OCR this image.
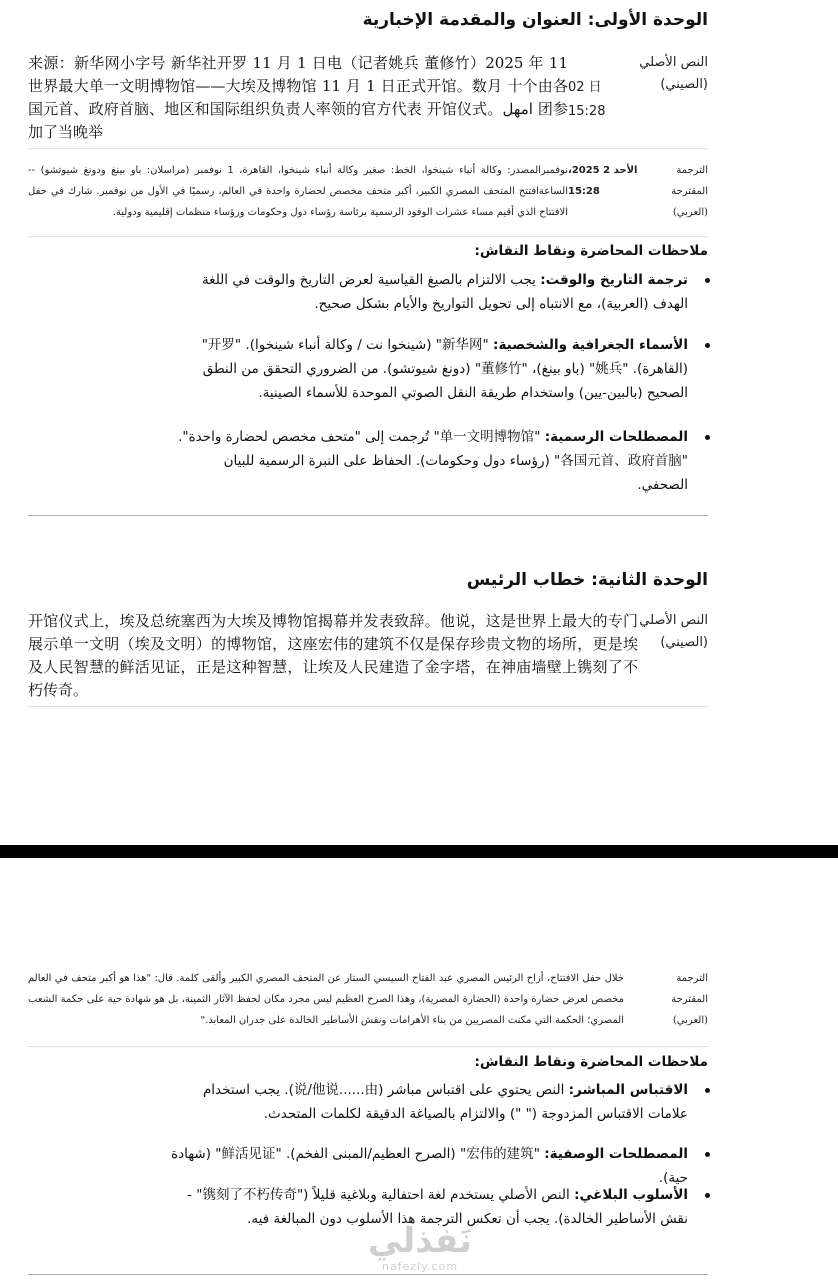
الوحدة الأولى: العنوان والمقدمة الإخبارية
النص الأصلي (الصيني)
02 日 15:28
来源：新华网小字号 新华社开罗 11 月 1 日电（记者姚兵 董修竹）2025 年 11 世界最大单一文明博物馆——大埃及博物馆 11 月 1 日正式开馆。数月 十个由各国元首、政府首脑、地区和国际组织负责人率领的官方代表 开馆仪式。امهل 团参加了当晚举
الترجمة المقترحة (العربي)
الأحد 2 2025، 15:28
نوفمبرالمصدر: وكالة أنباء شينخوا، الخط: صغير وكالة أنباء شينخوا، القاهرة، 1 نوفمبر (مراسلان: باو بينغ ودونغ شيوتشو) -- الساعةافتتح المتحف المصري الكبير، أكبر متحف مخصص لحضارة واحدة في العالم، رسميًا في الأول من نوفمبر. شارك في حفل الافتتاح الذي أقيم مساء عشرات الوفود الرسمية برئاسة رؤساء دول وحكومات ورؤساء منظمات إقليمية ودولية.
ملاحظات المحاضرة ونقاط النقاش:
ترجمة التاريخ والوقت: يجب الالتزام بالصيغ القياسية لعرض التاريخ والوقت في اللغة الهدف (العربية)، مع الانتباه إلى تحويل التواريخ والأيام بشكل صحيح.
الأسماء الجغرافية والشخصية: "新华网" (شينخوا نت / وكالة أنباء شينخوا). "开罗" (القاهرة). "姚兵" (باو بينغ)، "董修竹" (دونغ شيوتشو). من الضروري التحقق من النطق الصحيح (بالبين-يين) واستخدام طريقة النقل الصوتي الموحدة للأسماء الصينية.
المصطلحات الرسمية: "单一文明博物馆" تُرجمت إلى "متحف مخصص لحضارة واحدة". "各国元首、政府首脑" (رؤساء دول وحكومات). الحفاظ على النبرة الرسمية للبيان الصحفي.
الوحدة الثانية: خطاب الرئيس
النص الأصلي (الصيني)
开馆仪式上，埃及总统塞西为大埃及博物馆揭幕并发表致辞。他说，这是世界上最大的专门展示单一文明（埃及文明）的博物馆，这座宏伟的建筑不仅是保存珍贵文物的场所，更是埃及人民智慧的鲜活见证，正是这种智慧，让埃及人民建造了金字塔，在神庙墙壁上镌刻了不朽传奇。
الترجمة المقترحة (العربي)
خلال حفل الافتتاح، أزاح الرئيس المصري عبد الفتاح السيسي الستار عن المتحف المصري الكبير وألقى كلمة. قال: "هذا هو أكبر متحف في العالم مخصص لعرض حضارة واحدة (الحضارة المصرية)، وهذا الصرح العظيم ليس مجرد مكان لحفظ الآثار الثمينة، بل هو شهادة حية على حكمة الشعب المصري؛ الحكمة التي مكنت المصريين من بناء الأهرامات ونقش الأساطير الخالدة على جدران المعابد."
ملاحظات المحاضرة ونقاط النقاش:
الاقتباس المباشر: النص يحتوي على اقتباس مباشر (说/他说......由). يجب استخدام علامات الاقتباس المزدوجة (" ") والالتزام بالصياغة الدقيقة لكلمات المتحدث.
المصطلحات الوصفية: "宏伟的建筑" (الصرح العظيم/المبنى الفخم). "鲜活见证" (شهادة حية).
الأسلوب البلاغي: النص الأصلي يستخدم لغة احتفالية وبلاغية قليلاً ("镌刻了不朽传奇" - نقش الأساطير الخالدة). يجب أن تعكس الترجمة هذا الأسلوب دون المبالغة فيه.
نَفذلي
nafezly.com
